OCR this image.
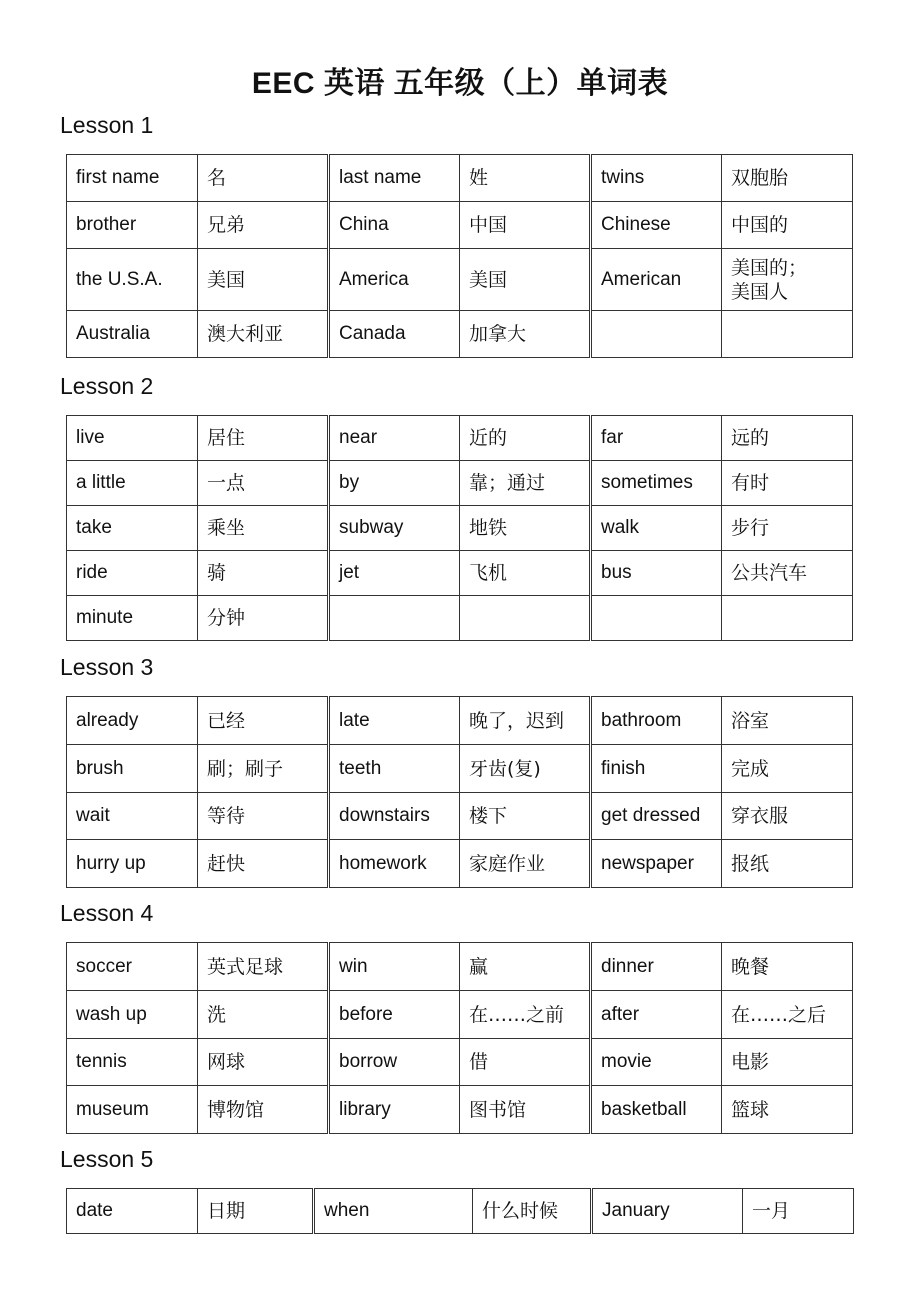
EEC 英语 五年级（上）单词表
Lesson 1
first name	名	last name	姓	twins	双胞胎
brother	兄弟	China	中国	Chinese	中国的
the U.S.A.	美国	America	美国	American	美国的；
美国人
Australia	澳大利亚	Canada	加拿大		
Lesson 2
live	居住	near	近的	far	远的
a little	一点	by	靠；通过	sometimes	有时
take	乘坐	subway	地铁	walk	步行
ride	骑	jet	飞机	bus	公共汽车
minute	分钟				
Lesson 3
already	已经	late	晚了，迟到	bathroom	浴室
brush	刷；刷子	teeth	牙齿(复)	finish	完成
wait	等待	downstairs	楼下	get dressed	穿衣服
hurry up	赶快	homework	家庭作业	newspaper	报纸
Lesson 4
soccer	英式足球	win	赢	dinner	晚餐
wash up	洗	before	在……之前	after	在……之后
tennis	网球	borrow	借	movie	电影
museum	博物馆	library	图书馆	basketball	篮球
Lesson 5
date	日期	when	什么时候	January	一月
